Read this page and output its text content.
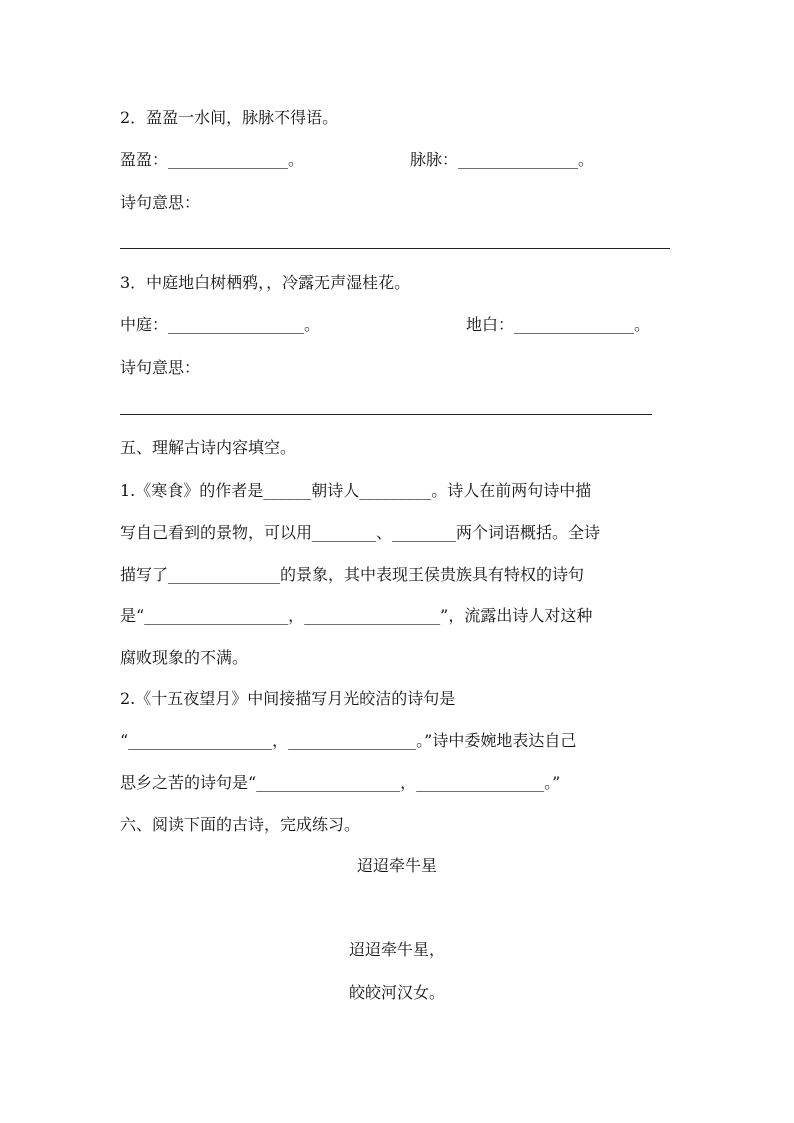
2．盈盈一水间，脉脉不得语。
盈盈：_______________。	脉脉：_______________。
诗句意思：
3．中庭地白树栖鸦，，冷露无声湿桂花。
中庭：_________________。	地白：_______________。
诗句意思：
五、理解古诗内容填空。
1.《寒食》的作者是______朝诗人_________。诗人在前两句诗中描
写自己看到的景物，可以用________、________两个词语概括。全诗
描写了______________的景象，其中表现王侯贵族具有特权的诗句
是“__________________，_________________”，流露出诗人对这种
腐败现象的不满。
2.《十五夜望月》中间接描写月光皎洁的诗句是
“__________________，________________。”诗中委婉地表达自己
思乡之苦的诗句是“__________________，________________。”
六、阅读下面的古诗，完成练习。
迢迢牵牛星
迢迢牵牛星，
皎皎河汉女。
